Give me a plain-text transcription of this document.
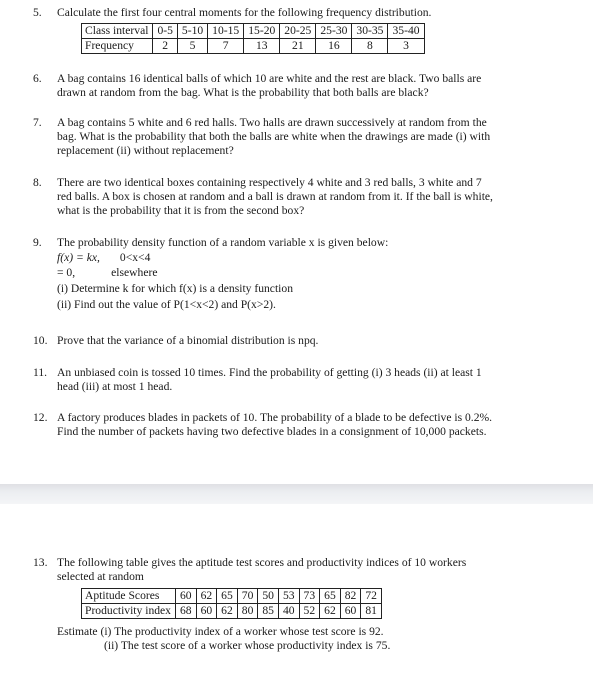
5. Calculate the first four central moments for the following frequency distribution.

Class interval	0-5	5-10	10-15	15-20	20-25	25-30	30-35	35-40
Frequency	2	5	7	13	21	16	8	3
6. A bag contains 16 identical balls of which 10 are white and the rest are black. Two balls are

drawn at random from the bag. What is the probability that both balls are black?

7. A bag contains 5 white and 6 red halls. Two halls are drawn successively at random from the

bag. What is the probability that both the balls are white when the drawings are made (i) with

replacement (ii) without replacement?

8. There are two identical boxes containing respectively 4 white and 3 red balls, 3 white and 7

red balls. A box is chosen at random and a ball is drawn at random from it. If the ball is white,

what is the probability that it is from the second box?

9. The probability density function of a random variable x is given below:

f(x) = kx, 0<x<4

= 0,	elsewhere

(i) Determine k for which f(x) is a density function

(ii) Find out the value of P(1<x<2) and P(x>2).

10. Prove that the variance of a binomial distribution is npq.

11. An unbiased coin is tossed 10 times. Find the probability of getting (i) 3 heads (ii) at least 1

head (iii) at most 1 head.

12. A factory produces blades in packets of 10. The probability of a blade to be defective is 0.2%.

Find the number of packets having two defective blades in a consignment of 10,000 packets.

13. The following table gives the aptitude test scores and productivity indices of 10 workers

selected at random

Aptitude Scores	60	62	65	70	50	53	73	65	82	72
Productivity index	68	60	62	80	85	40	52	62	60	81

Estimate (i) The productivity index of a worker whose test score is 92.

(ii) The test score of a worker whose productivity index is 75.
